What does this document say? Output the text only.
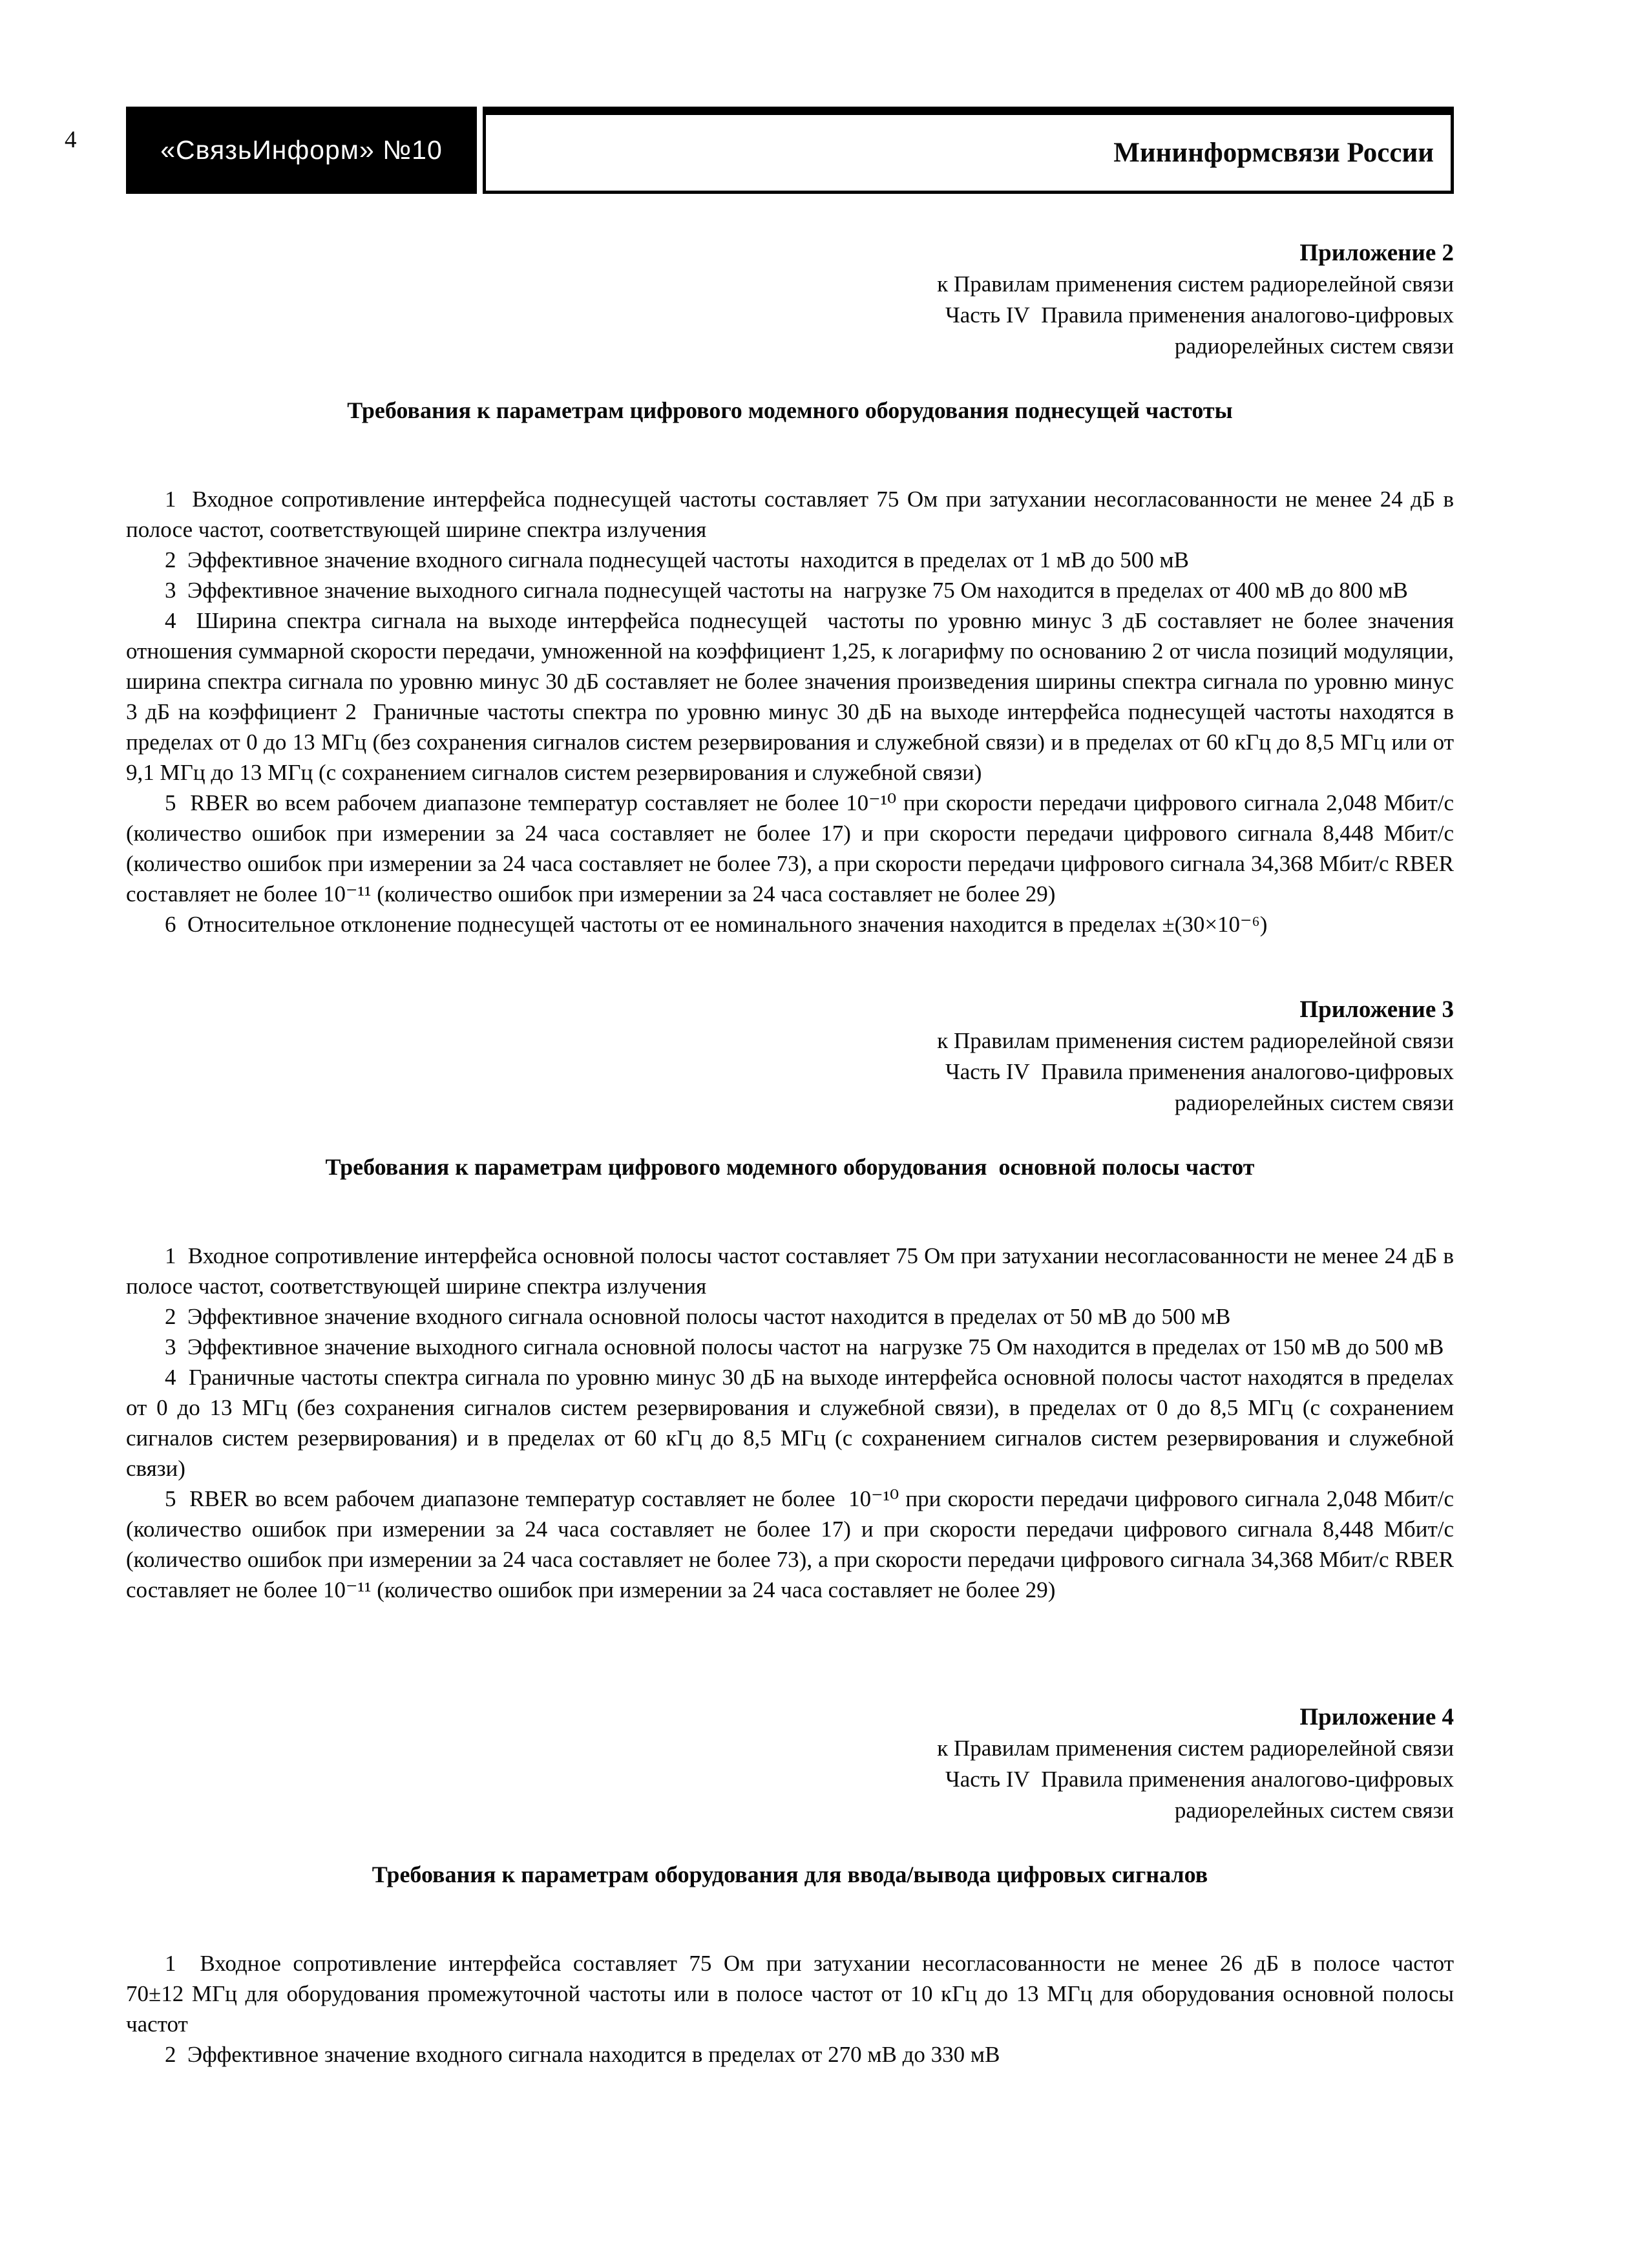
4	«СвязьИнформ» №10	Мининформсвязи России
Приложение 2
к Правилам применения систем радиорелейной связи
Часть IV  Правила применения аналогово-цифровых
радиорелейных систем связи
Требования к параметрам цифрового модемного оборудования поднесущей частоты

1  Входное сопротивление интерфейса поднесущей частоты составляет 75 Ом при затухании несогласованности не менее 24 дБ в полосе частот, соответствующей ширине спектра излучения

2  Эффективное значение входного сигнала поднесущей частоты  находится в пределах от 1 мВ до 500 мВ

3  Эффективное значение выходного сигнала поднесущей частоты на  нагрузке 75 Ом находится в пределах от 400 мВ до 800 мВ

4  Ширина спектра сигнала на выходе интерфейса поднесущей  частоты по уровню минус 3 дБ составляет не более значения отношения суммарной скорости передачи, умноженной на коэффициент 1,25, к логарифму по основанию 2 от числа позиций модуляции, ширина спектра сигнала по уровню минус 30 дБ составляет не более значения произведения ширины спектра сигнала по уровню минус 3 дБ на коэффициент 2  Граничные частоты спектра по уровню минус 30 дБ на выходе интерфейса поднесущей частоты находятся в пределах от 0 до 13 МГц (без сохранения сигналов систем резервирования и служебной связи) и в пределах от 60 кГц до 8,5 МГц или от 9,1 МГц до 13 МГц (с сохранением сигналов систем резервирования и служебной связи)

5  RBER во всем рабочем диапазоне температур составляет не более 10⁻¹⁰ при скорости передачи цифрового сигнала 2,048 Мбит/с (количество ошибок при измерении за 24 часа составляет не более 17) и при скорости передачи цифрового сигнала 8,448 Мбит/с (количество ошибок при измерении за 24 часа составляет не более 73), а при скорости передачи цифрового сигнала 34,368 Мбит/с RBER составляет не более 10⁻¹¹ (количество ошибок при измерении за 24 часа составляет не более 29)

6  Относительное отклонение поднесущей частоты от ее номинального значения находится в пределах ±(30×10⁻⁶)

Приложение 3
к Правилам применения систем радиорелейной связи
Часть IV  Правила применения аналогово-цифровых
радиорелейных систем связи
Требования к параметрам цифрового модемного оборудования  основной полосы частот

1  Входное сопротивление интерфейса основной полосы частот составляет 75 Ом при затухании несогласованности не менее 24 дБ в полосе частот, соответствующей ширине спектра излучения

2  Эффективное значение входного сигнала основной полосы частот находится в пределах от 50 мВ до 500 мВ

3  Эффективное значение выходного сигнала основной полосы частот на  нагрузке 75 Ом находится в пределах от 150 мВ до 500 мВ

4  Граничные частоты спектра сигнала по уровню минус 30 дБ на выходе интерфейса основной полосы частот находятся в пределах от 0 до 13 МГц (без сохранения сигналов систем резервирования и служебной связи), в пределах от 0 до 8,5 МГц (с сохранением сигналов систем резервирования) и в пределах от 60 кГц до 8,5 МГц (с сохранением сигналов систем резервирования и служебной связи)

5  RBER во всем рабочем диапазоне температур составляет не более  10⁻¹⁰ при скорости передачи цифрового сигнала 2,048 Мбит/с (количество ошибок при измерении за 24 часа составляет не более 17) и при скорости передачи цифрового сигнала 8,448 Мбит/с (количество ошибок при измерении за 24 часа составляет не более 73), а при скорости передачи цифрового сигнала 34,368 Мбит/с RBER составляет не более 10⁻¹¹ (количество ошибок при измерении за 24 часа составляет не более 29)

Приложение 4
к Правилам применения систем радиорелейной связи
Часть IV  Правила применения аналогово-цифровых
радиорелейных систем связи
Требования к параметрам оборудования для ввода/вывода цифровых сигналов

1  Входное сопротивление интерфейса составляет 75 Ом при затухании несогласованности не менее 26 дБ в полосе частот 70±12 МГц для оборудования промежуточной частоты или в полосе частот от 10 кГц до 13 МГц для оборудования основной полосы частот

2  Эффективное значение входного сигнала находится в пределах от 270 мВ до 330 мВ
